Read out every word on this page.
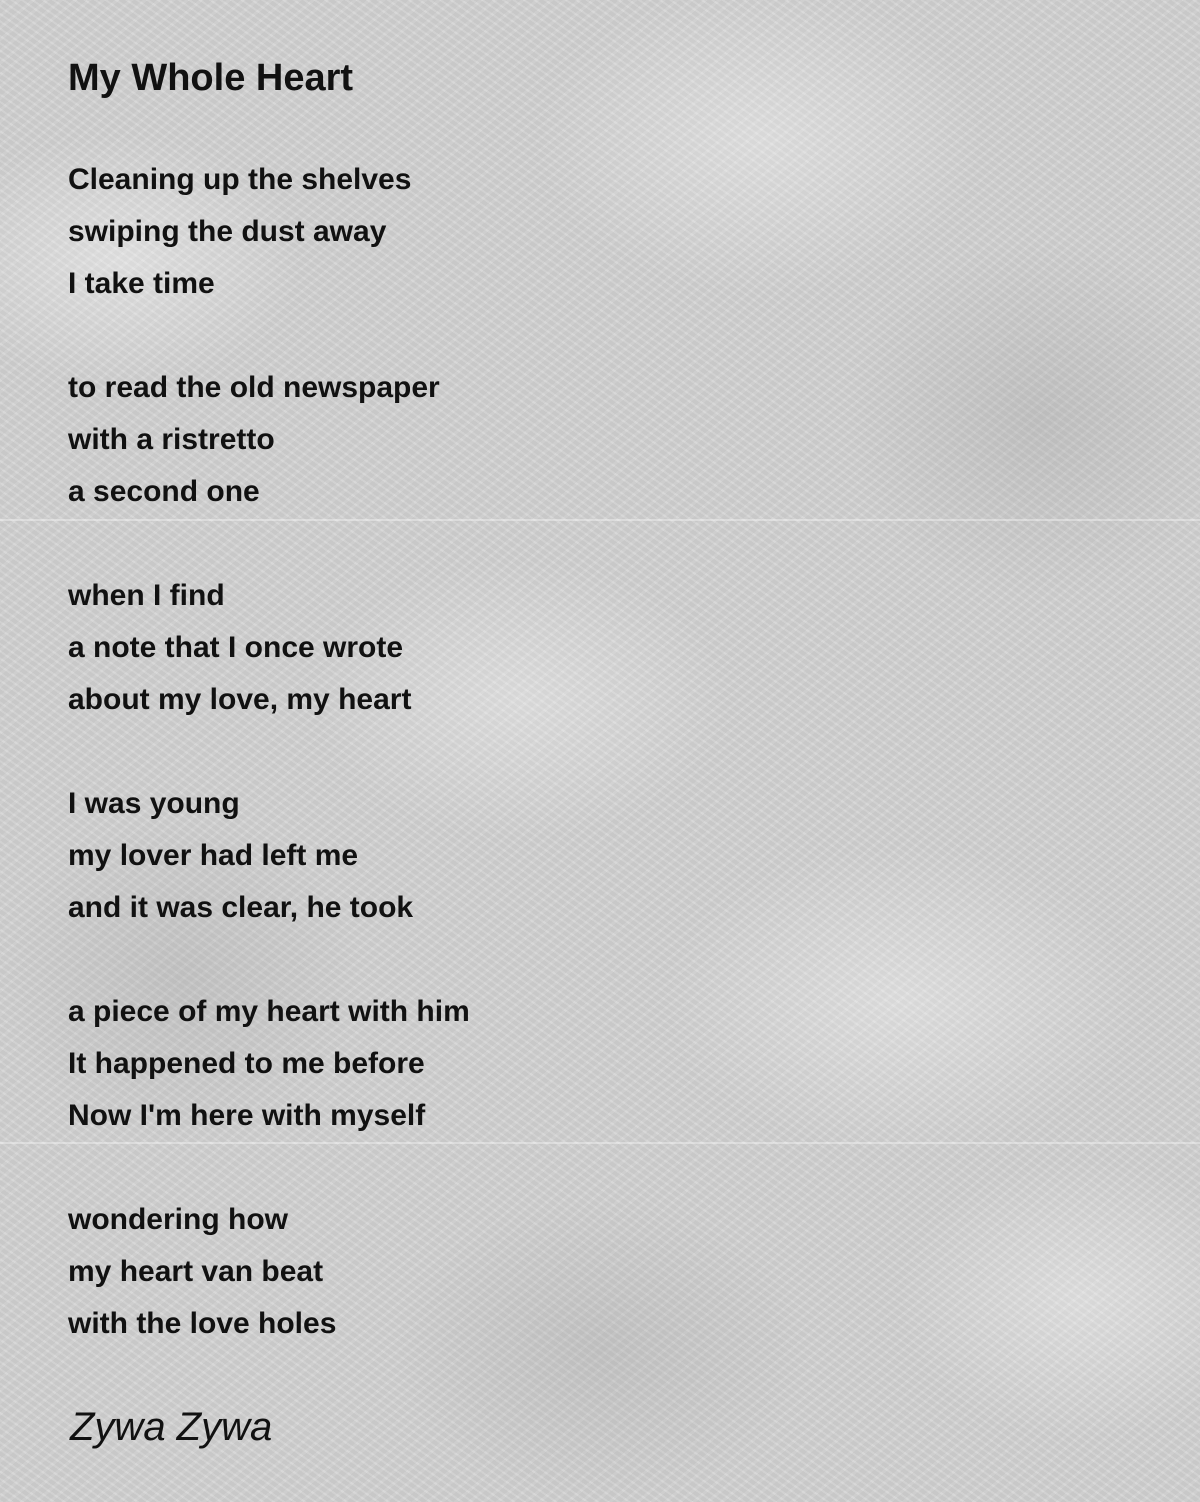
My Whole Heart
Cleaning up the shelves
swiping the dust away
I take time
to read the old newspaper
with a ristretto
a second one
when I find
a note that I once wrote
about my love, my heart
I was young
my lover had left me
and it was clear, he took
a piece of my heart with him
It happened to me before
Now I'm here with myself
wondering how
my heart van beat
with the love holes
Zywa Zywa
